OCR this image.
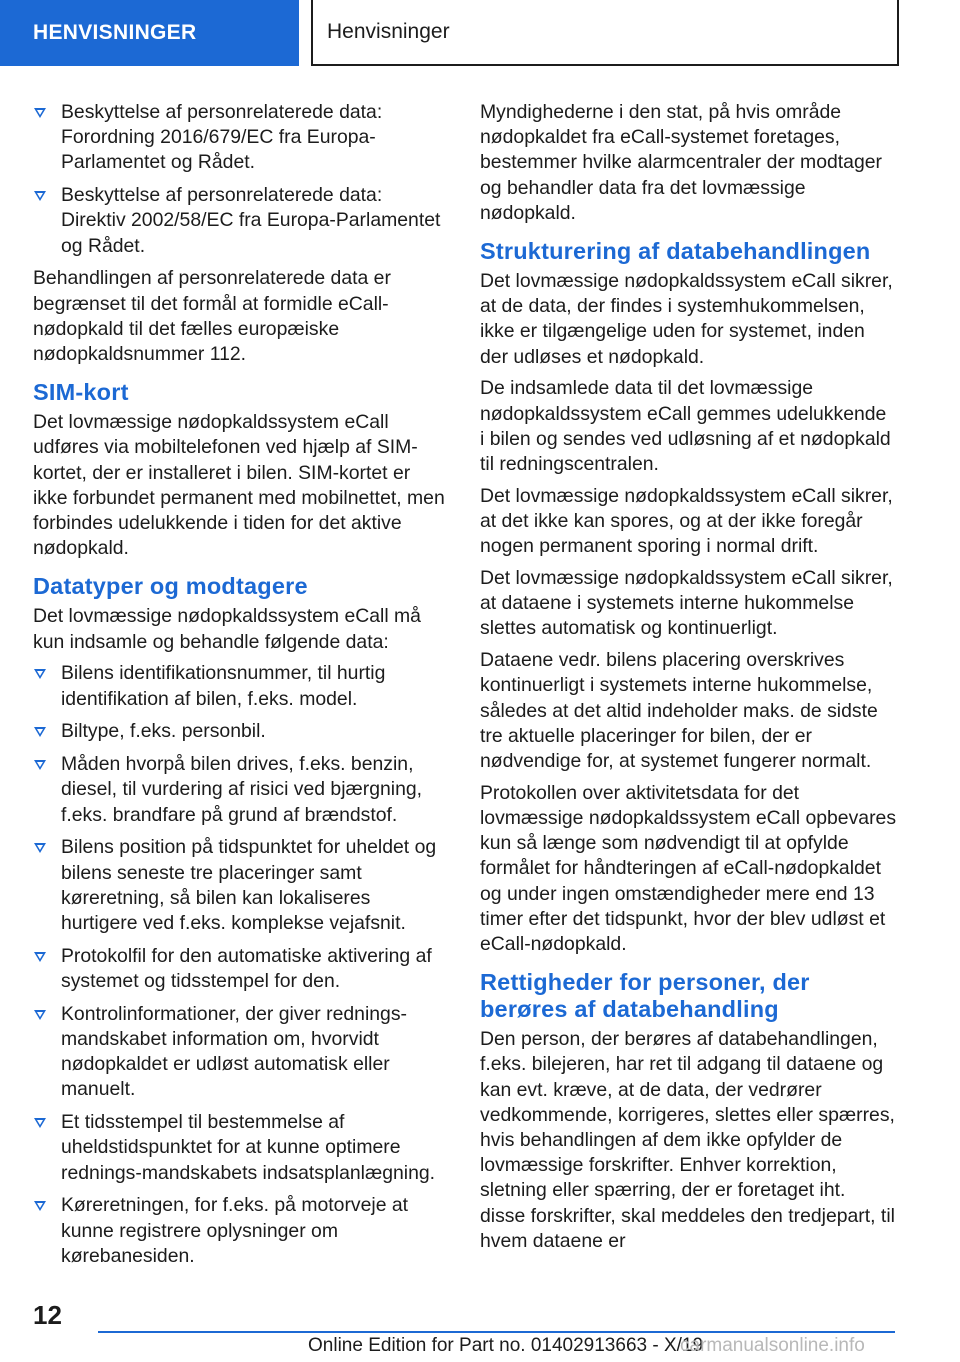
HENVISNINGER	Henvisninger
Beskyttelse af personrelaterede data: Forordning 2016/679/EC fra Europa-Parlamentet og Rådet.
Beskyttelse af personrelaterede data: Direktiv 2002/58/EC fra Europa-Parlamentet og Rådet.

Behandlingen af personrelaterede data er begrænset til det formål at formidle eCall-nødopkald til det fælles europæiske nødopkaldsnummer 112.

SIM-kort

Det lovmæssige nødopkaldssystem eCall udføres via mobiltelefonen ved hjælp af SIM-kortet, der er installeret i bilen. SIM-kortet er ikke forbundet permanent med mobilnettet, men forbindes udelukkende i tiden for det aktive nødopkald.

Datatyper og modtagere

Det lovmæssige nødopkaldssystem eCall må kun indsamle og behandle følgende data:

Bilens identifikationsnummer, til hurtig identifikation af bilen, f.eks. model.
Biltype, f.eks. personbil.
Måden hvorpå bilen drives, f.eks. benzin, diesel, til vurdering af risici ved bjærgning, f.eks. brandfare på grund af brændstof.
Bilens position på tidspunktet for uheldet og bilens seneste tre placeringer samt køreretning, så bilen kan lokaliseres hurtigere ved f.eks. komplekse vejafsnit.
Protokolfil for den automatiske aktivering af systemet og tidsstempel for den.
Kontrolinformationer, der giver rednings-mandskabet information om, hvorvidt nødopkaldet er udløst automatisk eller manuelt.
Et tidsstempel til bestemmelse af uheldstidspunktet for at kunne optimere rednings-mandskabets indsatsplanlægning.
Køreretningen, for f.eks. på motorveje at kunne registrere oplysninger om kørebanesiden.

Myndighederne i den stat, på hvis område nødopkaldet fra eCall-systemet foretages, bestemmer hvilke alarmcentraler der modtager og behandler data fra det lovmæssige nødopkald.

Strukturering af databehandlingen

Det lovmæssige nødopkaldssystem eCall sikrer, at de data, der findes i systemhukommelsen, ikke er tilgængelige uden for systemet, inden der udløses et nødopkald.

De indsamlede data til det lovmæssige nødopkaldssystem eCall gemmes udelukkende i bilen og sendes ved udløsning af et nødopkald til redningscentralen.

Det lovmæssige nødopkaldssystem eCall sikrer, at det ikke kan spores, og at der ikke foregår nogen permanent sporing i normal drift.

Det lovmæssige nødopkaldssystem eCall sikrer, at dataene i systemets interne hukommelse slettes automatisk og kontinuerligt.

Dataene vedr. bilens placering overskrives kontinuerligt i systemets interne hukommelse, således at det altid indeholder maks. de sidste tre aktuelle placeringer for bilen, der er nødvendige for, at systemet fungerer normalt.

Protokollen over aktivitetsdata for det lovmæssige nødopkaldssystem eCall opbevares kun så længe som nødvendigt til at opfylde formålet for håndteringen af eCall-nødopkaldet og under ingen omstændigheder mere end 13 timer efter det tidspunkt, hvor der blev udløst et eCall-nødopkald.

Rettigheder for personer, der berøres af databehandling

Den person, der berøres af databehandlingen, f.eks. bilejeren, har ret til adgang til dataene og kan evt. kræve, at de data, der vedrører vedkommende, korrigeres, slettes eller spærres, hvis behandlingen af dem ikke opfylder de lovmæssige forskrifter. Enhver korrektion, sletning eller spærring, der er foretaget iht. disse forskrifter, skal meddeles den tredjepart, til hvem dataene er

12
Online Edition for Part no. 01402913663 - X/19
carmanualsonline.info
